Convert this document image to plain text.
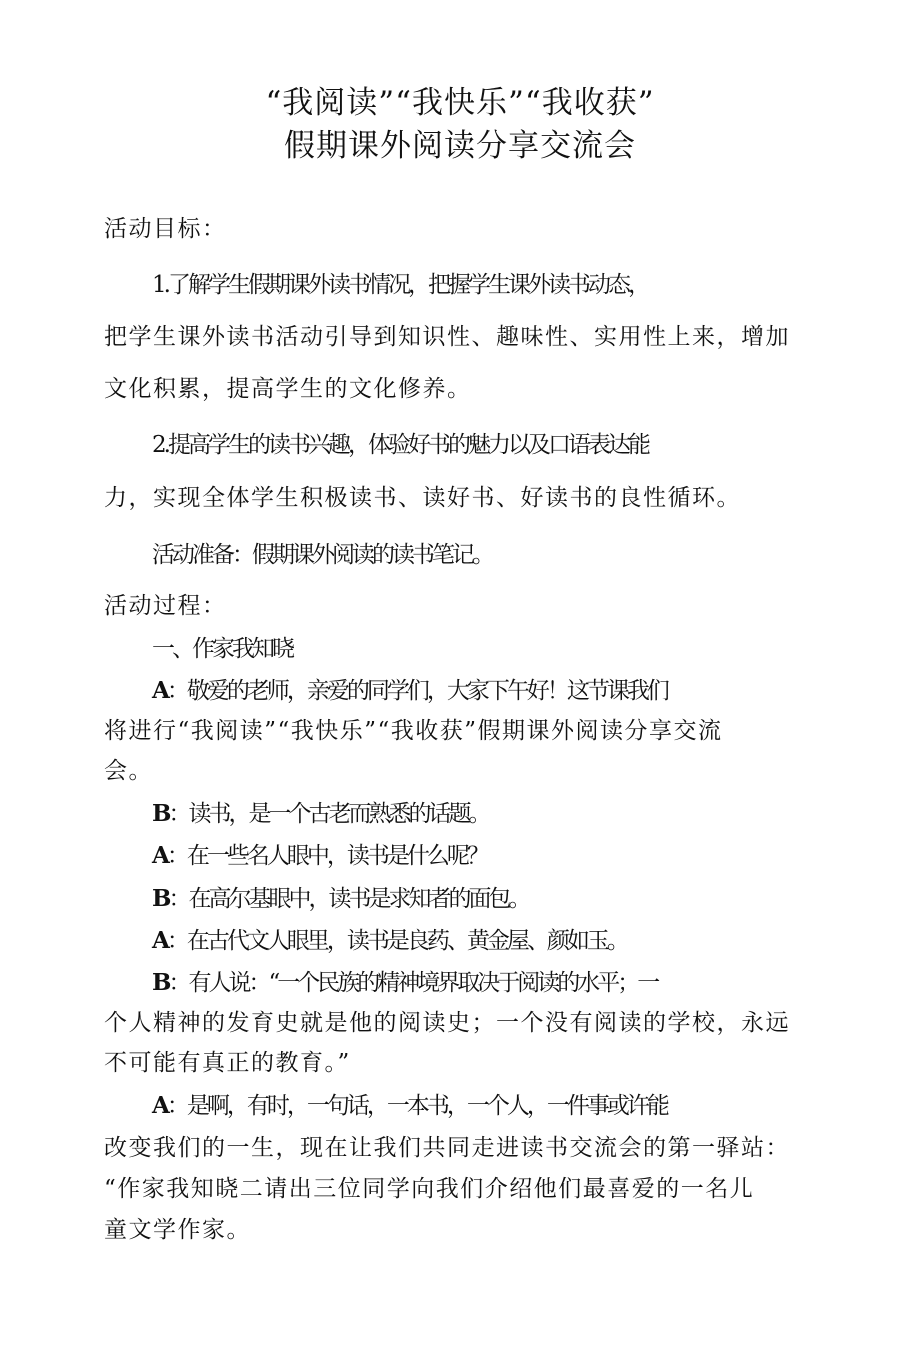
“我阅读”“我快乐”“我收获”
假期课外阅读分享交流会
活动目标：
1.了解学生假期课外读书情况，把握学生课外读书动态，
把学生课外读书活动引导到知识性、趣味性、实用性上来，增加
文化积累，提高学生的文化修养。
2.提高学生的读书兴趣，体验好书的魅力以及口语表达能
力，实现全体学生积极读书、读好书、好读书的良性循环。
活动准备：假期课外阅读的读书笔记。
活动过程：
一、作家我知晓
A：敬爱的老师，亲爱的同学们，大家下午好！这节课我们
将进行“我阅读”“我快乐”“我收获”假期课外阅读分享交流
会。
B：读书，是一个古老而熟悉的话题。
A：在一些名人眼中，读书是什么呢？
B：在高尔基眼中，读书是求知者的面包。
A：在古代文人眼里，读书是良药、黄金屋、颜如玉。
B：有人说：“一个民族的精神境界取决于阅读的水平；一
个人精神的发育史就是他的阅读史；一个没有阅读的学校，永远
不可能有真正的教育。”
A：是啊，有时，一句话，一本书，一个人，一件事或许能
改变我们的一生，现在让我们共同走进读书交流会的第一驿站：
“作家我知晓二请出三位同学向我们介绍他们最喜爱的一名儿
童文学作家。
